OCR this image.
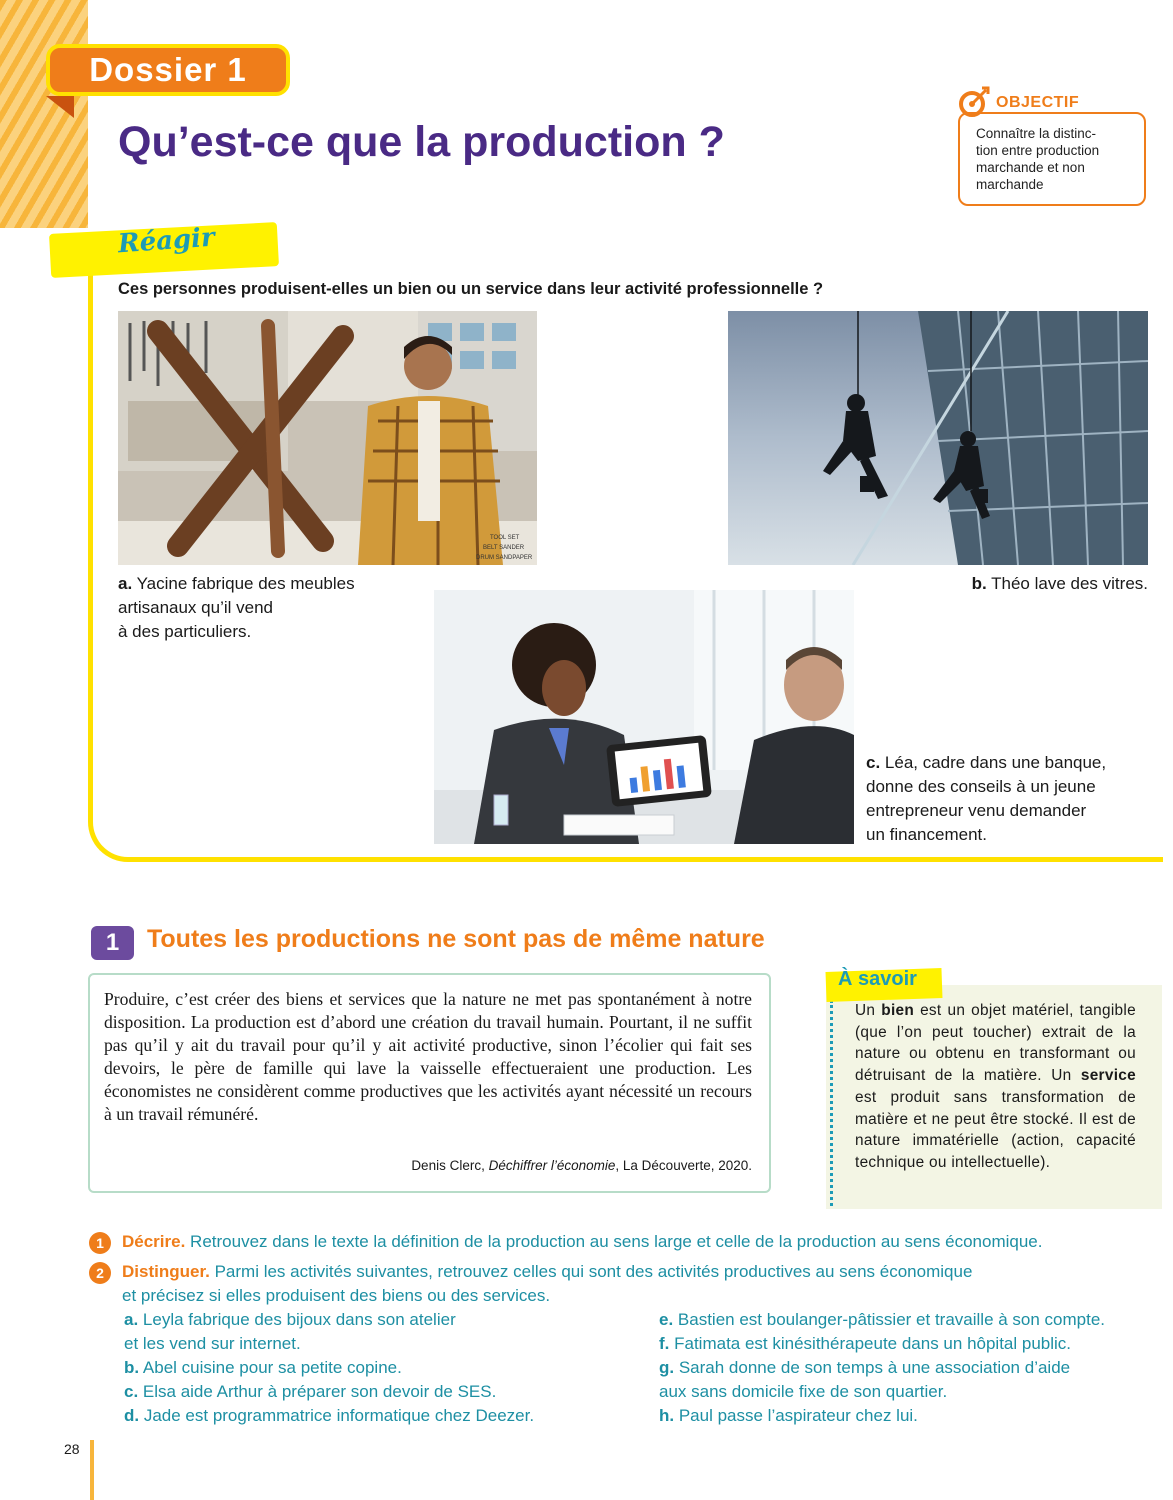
Dossier 1
Qu’est-ce que la production ?
OBJECTIF
Connaître la distinc-
tion entre production
marchande et non
marchande
Réagir

Ces personnes produisent-elles un bien ou un service dans leur activité professionnelle ?

TOOL SET
BELT SANDER
DRUM SANDPAPER
a. Yacine fabrique des meubles
artisanaux qu’il vend
à des particuliers.
b. Théo lave des vitres.
c. Léa, cadre dans une banque,
donne des conseils à un jeune
entrepreneur venu demander
un financement.
1	Toutes les productions ne sont pas de même nature

Produire, c’est créer des biens et services que la nature ne met pas spontanément à notre disposition. La production est d’abord une création du travail humain. Pourtant, il ne suffit pas qu’il y ait du travail pour qu’il y ait activité productive, sinon l’écolier qui fait ses devoirs, le père de famille qui lave la vaisselle effectueraient une production. Les économistes ne considèrent comme productives que les activités ayant nécessité un recours à un travail rémunéré.

Denis Clerc, Déchiffrer l’économie, La Découverte, 2020.
À savoir

Un bien est un objet matériel, tangible (que l’on peut toucher) extrait de la nature ou obtenu en transformant ou détruisant de la matière. Un service est produit sans transformation de matière et ne peut être stocké. Il est de nature immatérielle (action, capacité technique ou intellectuelle).

1	Décrire. Retrouvez dans le texte la définition de la production au sens large et celle de la production au sens économique.
2	Distinguer. Parmi les activités suivantes, retrouvez celles qui sont des activités productives au sens économique
et précisez si elles produisent des biens ou des services.
a. Leyla fabrique des bijoux dans son atelier
et les vend sur internet.
b. Abel cuisine pour sa petite copine.
c. Elsa aide Arthur à préparer son devoir de SES.
d. Jade est programmatrice informatique chez Deezer.
e. Bastien est boulanger-pâtissier et travaille à son compte.
f. Fatimata est kinésithérapeute dans un hôpital public.
g. Sarah donne de son temps à une association d’aide
aux sans domicile fixe de son quartier.
h. Paul passe l’aspirateur chez lui.
28
